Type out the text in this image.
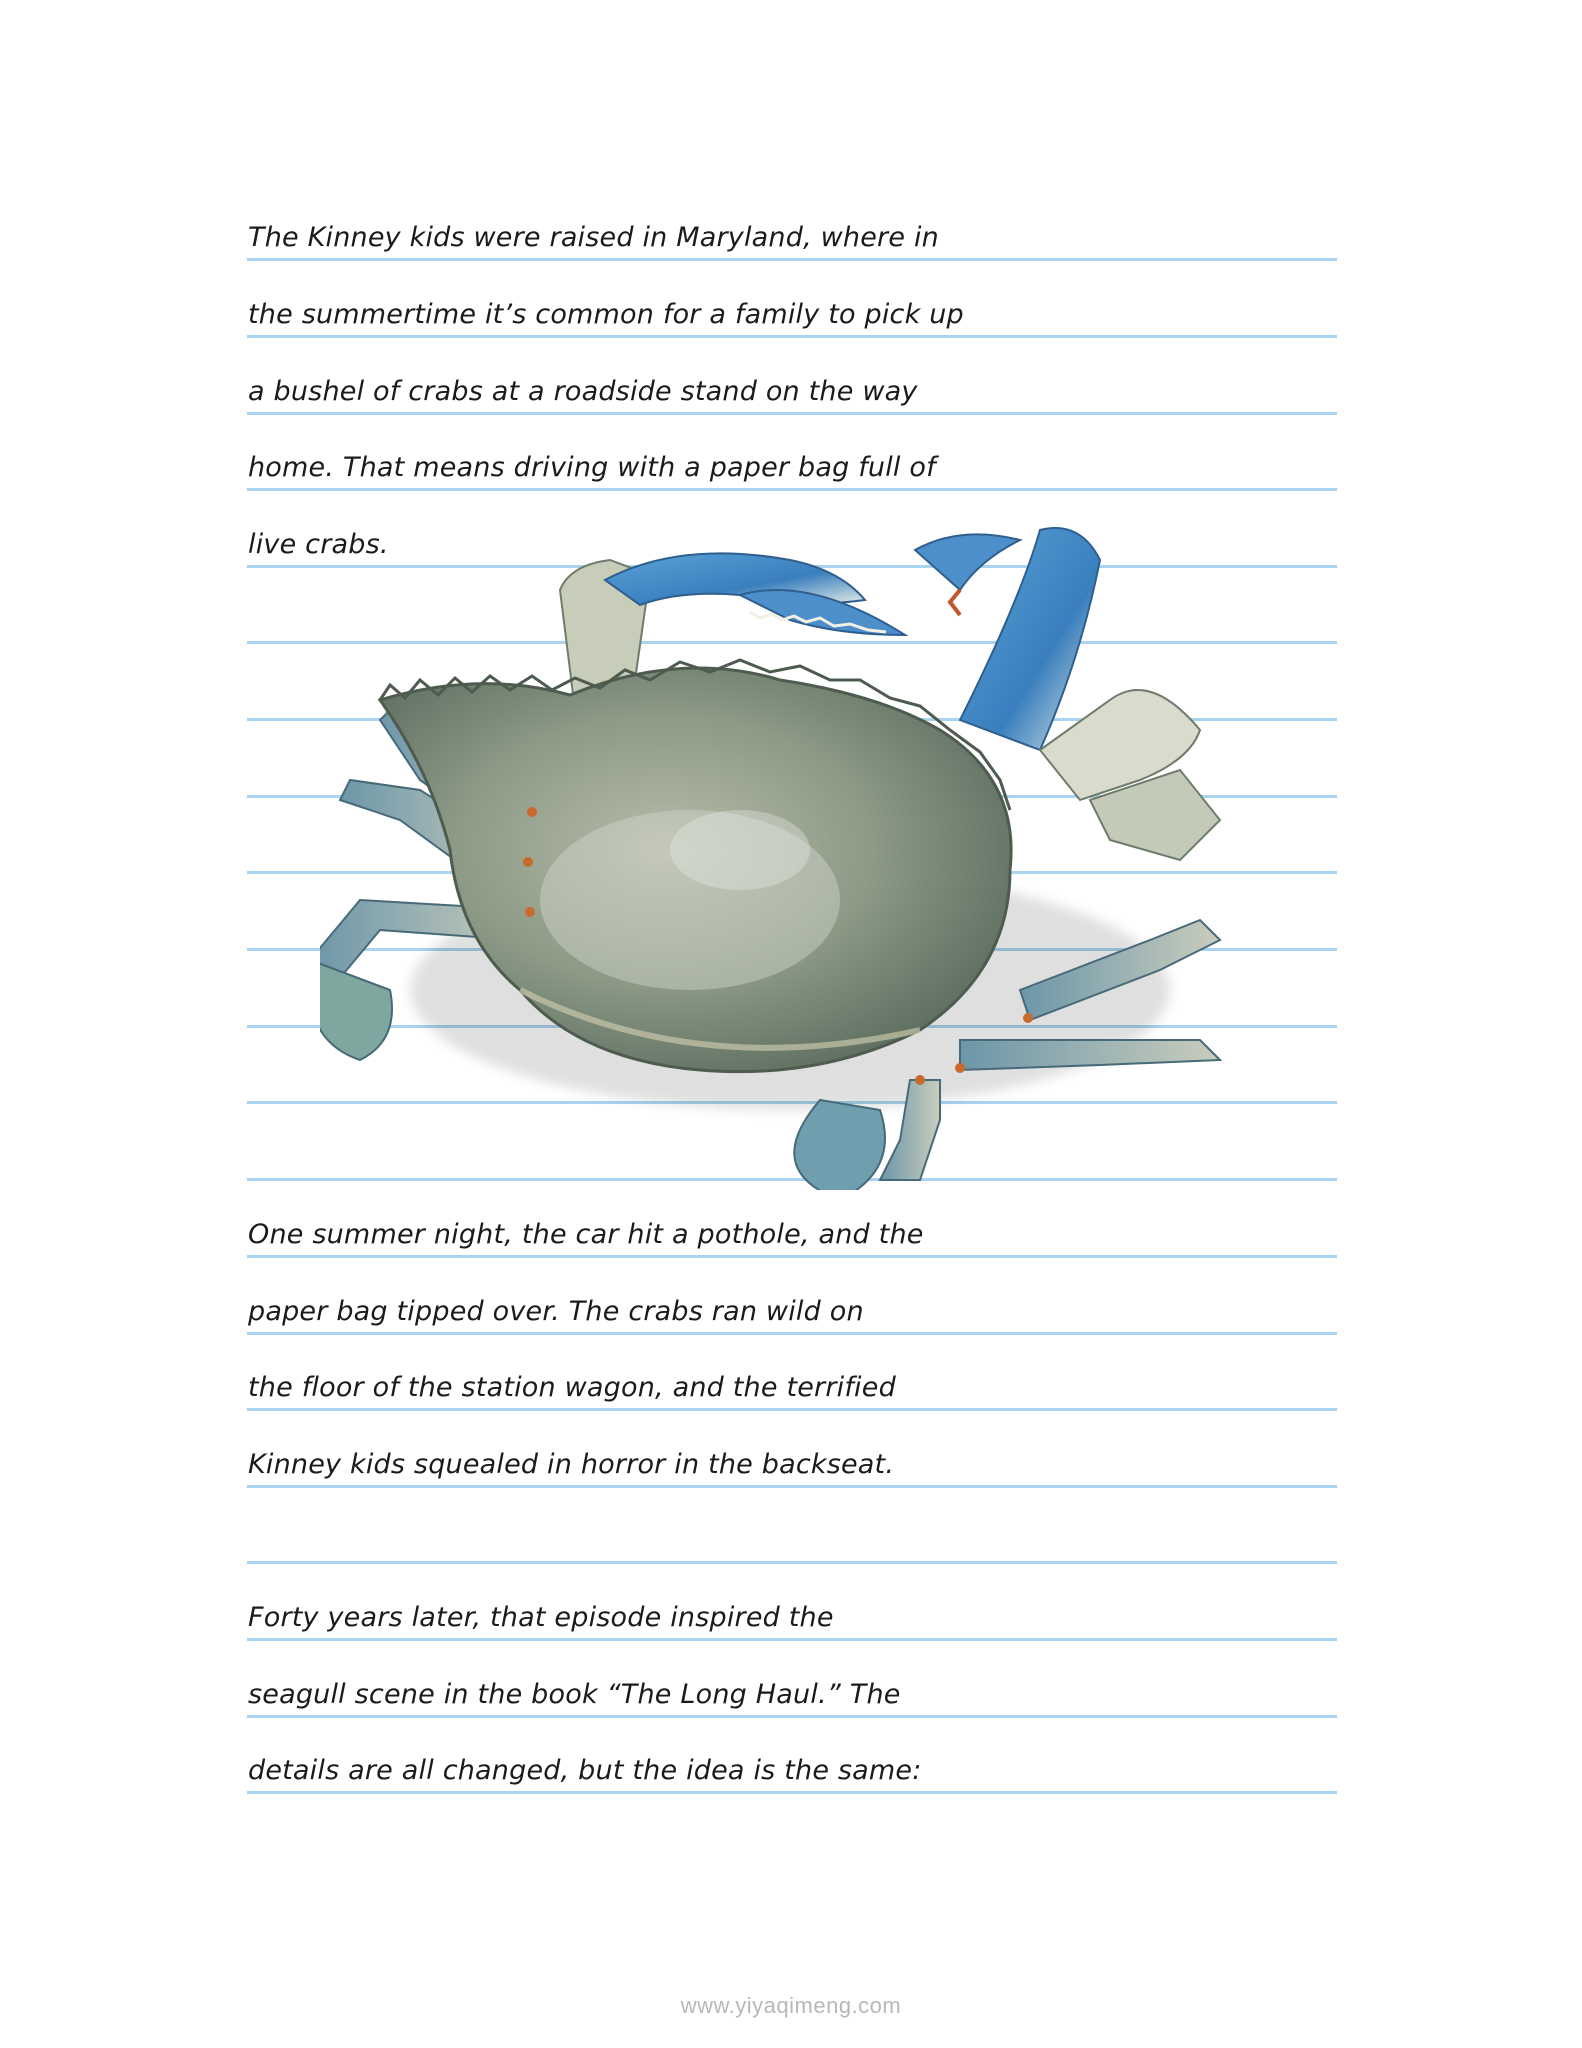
The Kinney kids were raised in Maryland, where in
the summertime it’s common for a family to pick up
a bushel of crabs at a roadside stand on the way
home. That means driving with a paper bag full of
live crabs.
One summer night, the car hit a pothole, and the
paper bag tipped over. The crabs ran wild on
the floor of the station wagon, and the terrified
Kinney kids squealed in horror in the backseat.
Forty years later, that episode inspired the
seagull scene in the book “The Long Haul.” The
details are all changed, but the idea is the same:
www.yiyaqimeng.com
